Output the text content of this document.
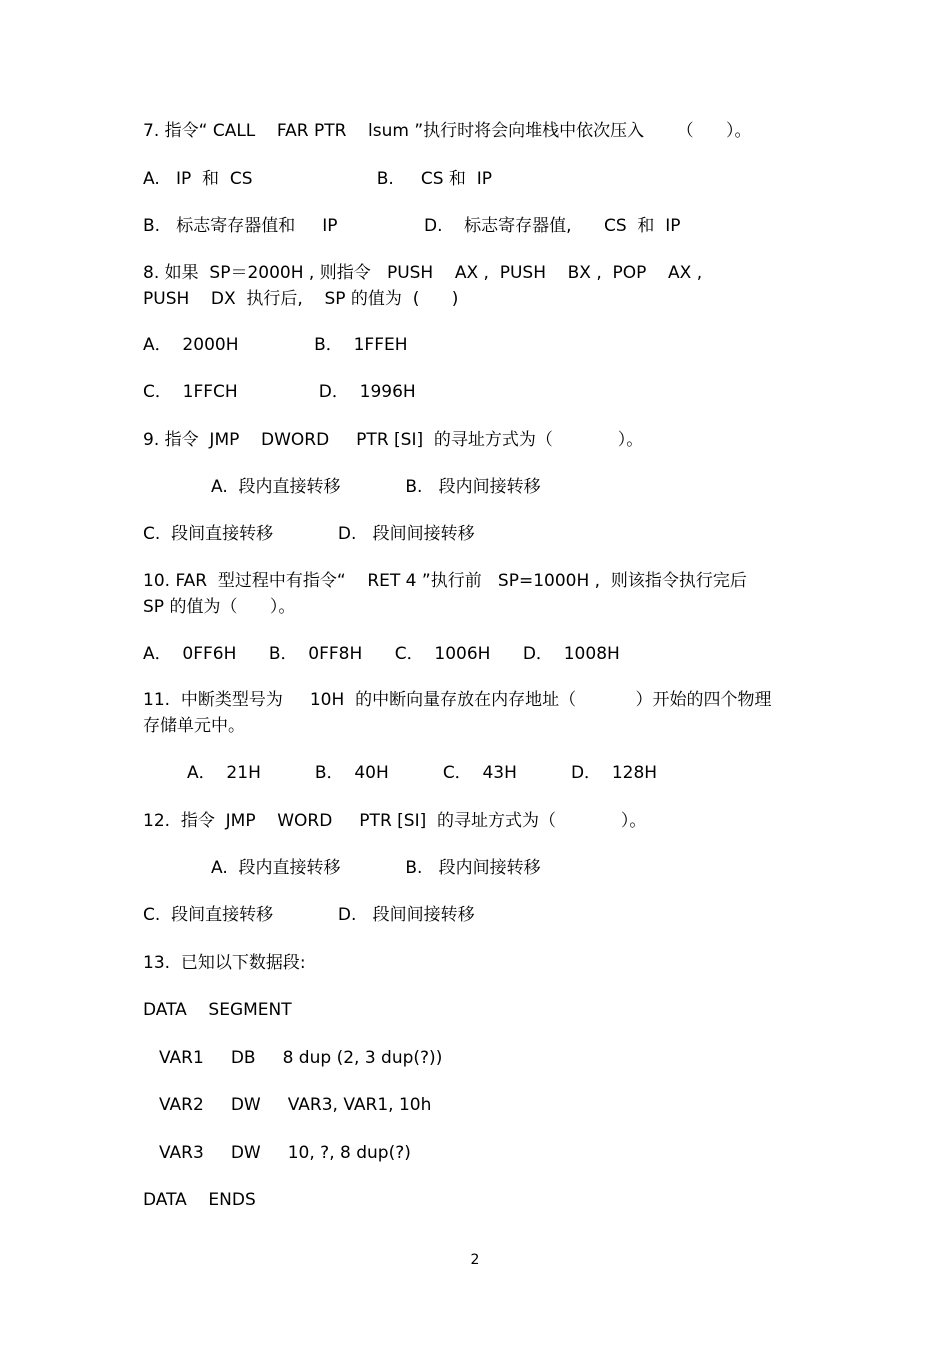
7. 指令“ CALL    FAR PTR    lsum ”执行时将会向堆栈中依次压入      （      ）。
A.   IP  和  CS                       B.     CS 和  IP
B.   标志寄存器值和     IP                D.    标志寄存器值,      CS  和  IP
8. 如果  SP＝2000H , 则指令   PUSH    AX ,  PUSH    BX ,  POP    AX ,
PUSH    DX  执行后,    SP 的值为  (      )
A．  2000H              B．  1FFEH
C．  1FFCH               D．  1996H
9. 指令  JMP    DWORD     PTR [SI]  的寻址方式为（            ）。
A.  段内直接转移            B.   段内间接转移
C.  段间直接转移            D.   段间间接转移
10. FAR  型过程中有指令“    RET 4 ”执行前   SP=1000H ,  则该指令执行完后
SP 的值为（      ）。
A．  0FF6H      B．  0FF8H      C．  1006H      D．  1008H
11.  中断类型号为     10H  的中断向量存放在内存地址（           ）开始的四个物理
存储单元中。
A．  21H          B．  40H          C．  43H          D．  128H
12.  指令  JMP    WORD     PTR [SI]  的寻址方式为（            ）。
A.  段内直接转移            B.   段内间接转移
C.  段间直接转移            D.   段间间接转移
13.  已知以下数据段:
DATA    SEGMENT
VAR1     DB     8 dup (2, 3 dup(?))
VAR2     DW     VAR3, VAR1, 10h
VAR3     DW     10, ?, 8 dup(?)
DATA    ENDS
2
